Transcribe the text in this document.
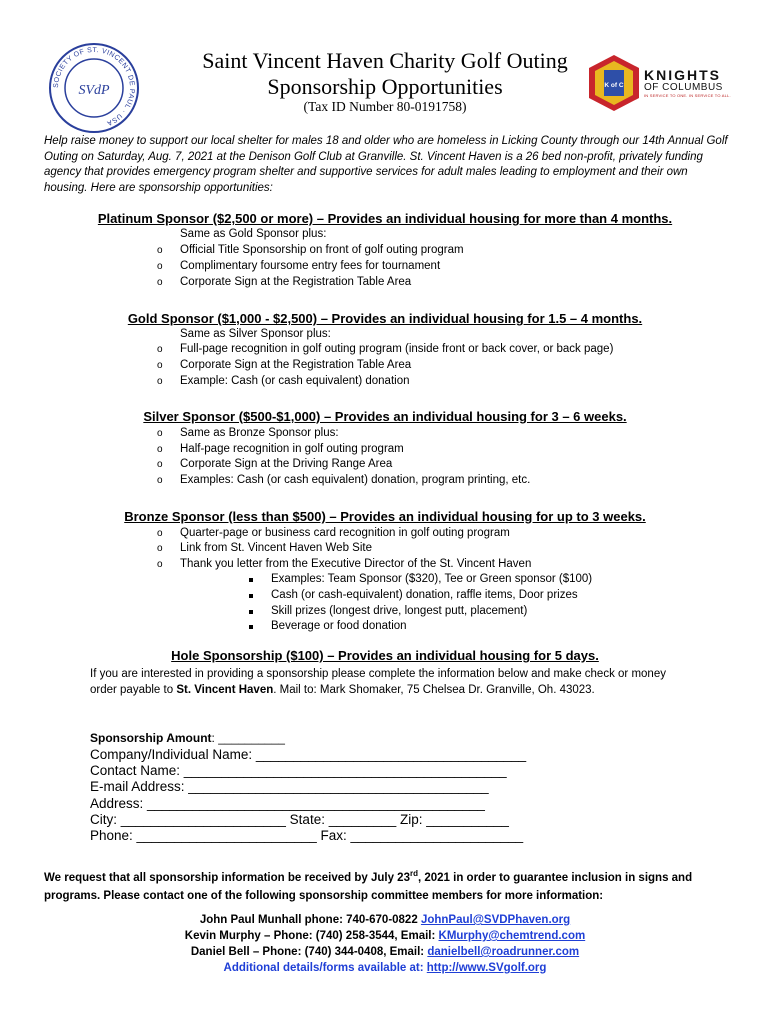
SOCIETY OF ST. VINCENT DE PAUL · USA
SVdP	K of C
KNIGHTS
OF COLUMBUS
IN SERVICE TO ONE. IN SERVICE TO ALL.
Saint Vincent Haven Charity Golf Outing
Sponsorship Opportunities
(Tax ID Number 80-0191758)
Help raise money to support our local shelter for males 18 and older who are homeless in Licking County through our 14th Annual Golf Outing on Saturday, Aug. 7, 2021 at the Denison Golf Club at Granville. St. Vincent Haven is a 26 bed non-profit, privately funding agency that provides emergency program shelter and supportive services for adult males leading to employment and their own housing. Here are sponsorship opportunities:
Platinum Sponsor ($2,500 or more) – Provides an individual housing for more than 4 months.
Same as Gold Sponsor plus:
o Official Title Sponsorship on front of golf outing program
o Complimentary foursome entry fees for tournament
o Corporate Sign at the Registration Table Area
Gold Sponsor ($1,000 - $2,500) – Provides an individual housing for 1.5 – 4 months.
Same as Silver Sponsor plus:
o Full-page recognition in golf outing program (inside front or back cover, or back page)
o Corporate Sign at the Registration Table Area
o Example: Cash (or cash equivalent) donation
Silver Sponsor ($500-$1,000) – Provides an individual housing for 3 – 6 weeks.
o Same as Bronze Sponsor plus:
o Half-page recognition in golf outing program
o Corporate Sign at the Driving Range Area
o Examples: Cash (or cash equivalent) donation, program printing, etc.
Bronze Sponsor (less than $500) – Provides an individual housing for up to 3 weeks.
o Quarter-page or business card recognition in golf outing program
o Link from St. Vincent Haven Web Site
o Thank you letter from the Executive Director of the St. Vincent Haven
Examples: Team Sponsor ($320), Tee or Green sponsor ($100)
Cash (or cash-equivalent) donation, raffle items, Door prizes
Skill prizes (longest drive, longest putt, placement)
Beverage or food donation
Hole Sponsorship ($100) – Provides an individual housing for 5 days.
If you are interested in providing a sponsorship please complete the information below and make check or money order payable to St. Vincent Haven. Mail to: Mark Shomaker, 75 Chelsea Dr. Granville, Oh. 43023.
Sponsorship Amount: __________
Company/Individual Name: ____________________________________
Contact Name: ___________________________________________
E-mail Address: ________________________________________
Address: _____________________________________________
City: ______________________ State: _________ Zip: ___________
Phone: ________________________ Fax: _______________________
We request that all sponsorship information be received by July 23rd, 2021 in order to guarantee inclusion in signs and programs. Please contact one of the following sponsorship committee members for more information:
John Paul Munhall phone: 740-670-0822 JohnPaul@SVDPhaven.org
Kevin Murphy – Phone: (740) 258-3544, Email: KMurphy@chemtrend.com
Daniel Bell – Phone: (740) 344-0408, Email: danielbell@roadrunner.com
Additional details/forms available at: http://www.SVgolf.org
